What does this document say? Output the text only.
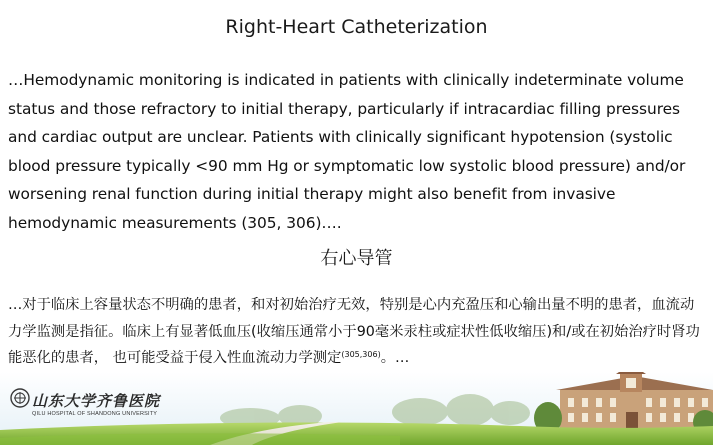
Right-Heart Catheterization
…Hemodynamic monitoring is indicated in patients with clinically indeterminate volume status and those refractory to initial therapy, particularly if intracardiac filling pressures and cardiac output are unclear. Patients with clinically significant hypotension (systolic blood pressure typically <90 mm Hg or symptomatic low systolic blood pressure) and/or worsening renal function during initial therapy might also benefit from invasive hemodynamic measurements (305, 306)….
右心导管
…对于临床上容量状态不明确的患者，和对初始治疗无效，特别是心内充盈压和心输出量不明的患者，血流动力学监测是指征。临床上有显著低血压(收缩压通常小于90毫米汞柱或症状性低收缩压)和/或在初始治疗时肾功能恶化的患者， 也可能受益于侵入性血流动力学测定$^{(305,306)}$。…
山东大学齐鲁医院
QILU HOSPITAL OF SHANDONG UNIVERSITY
